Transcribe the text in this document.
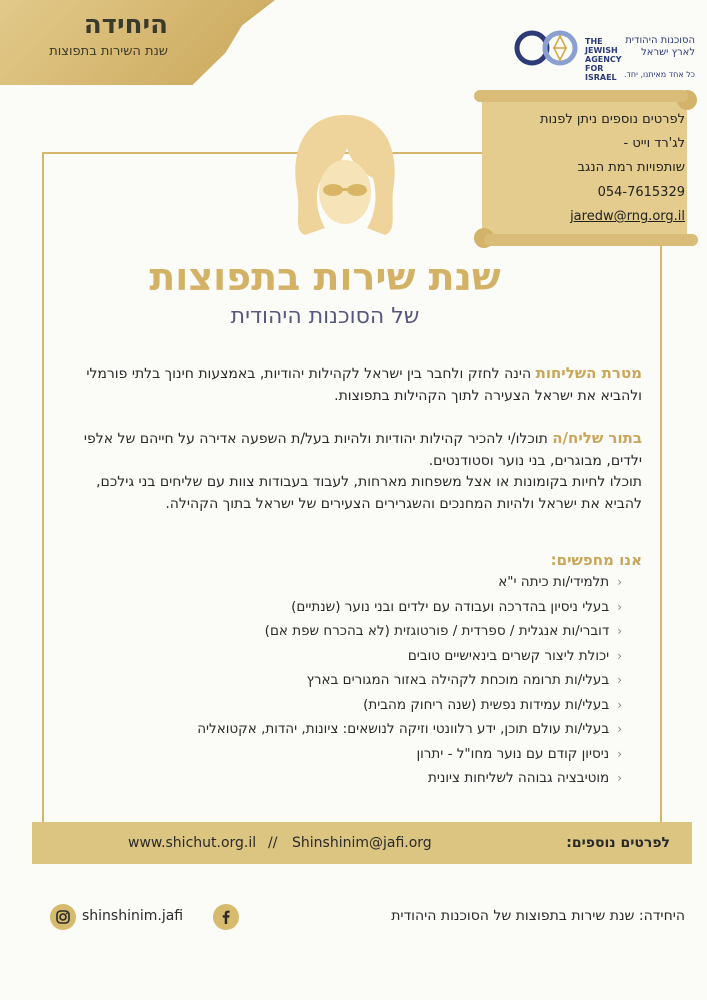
היחידה
שנת השירות בתפוצות
הסוכנות היהודית
לארץ ישראל
THE JEWISH AGENCY FOR ISRAEL כל אחד מאיתנו, יחד.
לפרטים נוספים ניתן לפנות
לג'רד וייט -
שותפויות רמת הנגב
054-7615329
jaredw@rng.org.il
שנת שירות בתפוצות
של הסוכנות היהודית
מטרת השליחות הינה לחזק ולחבר בין ישראל לקהילות יהודיות, באמצעות חינוך בלתי פורמלי ולהביא את ישראל הצעירה לתוך הקהילות בתפוצות.
בתור שליח/ה תוכלו/י להכיר קהילות יהודיות ולהיות בעל/ת השפעה אדירה על חייהם של אלפי ילדים, מבוגרים, בני נוער וסטודנטים.
תוכלו לחיות בקומונות או אצל משפחות מארחות, לעבוד בעבודות צוות עם שליחים בני גילכם, להביא את ישראל ולהיות המחנכים והשגרירים הצעירים של ישראל בתוך הקהילה.
אנו מחפשים:
‹ תלמידי/ות כיתה י"א
‹ בעלי ניסיון בהדרכה ועבודה עם ילדים ובני נוער (שנתיים)
‹ דוברי/ות אנגלית / ספרדית / פורטוגזית (לא בהכרח שפת אם)
‹ יכולת ליצור קשרים בינאישיים טובים
‹ בעלי/ות תרומה מוכחת לקהילה באזור המגורים בארץ
‹ בעלי/ות עמידות נפשית (שנה ריחוק מהבית)
‹ בעלי/ות עולם תוכן, ידע רלוונטי וזיקה לנושאים: ציונות, יהדות, אקטואליה
‹ ניסיון קודם עם נוער מחו"ל - יתרון
‹ מוטיבציה גבוהה לשליחות ציונית
לפרטים נוספים:
Shinshinim@jafi.org
//
www.shichut.org.il
shinshinim.jafi	היחידה: שנת שירות בתפוצות של הסוכנות היהודית
